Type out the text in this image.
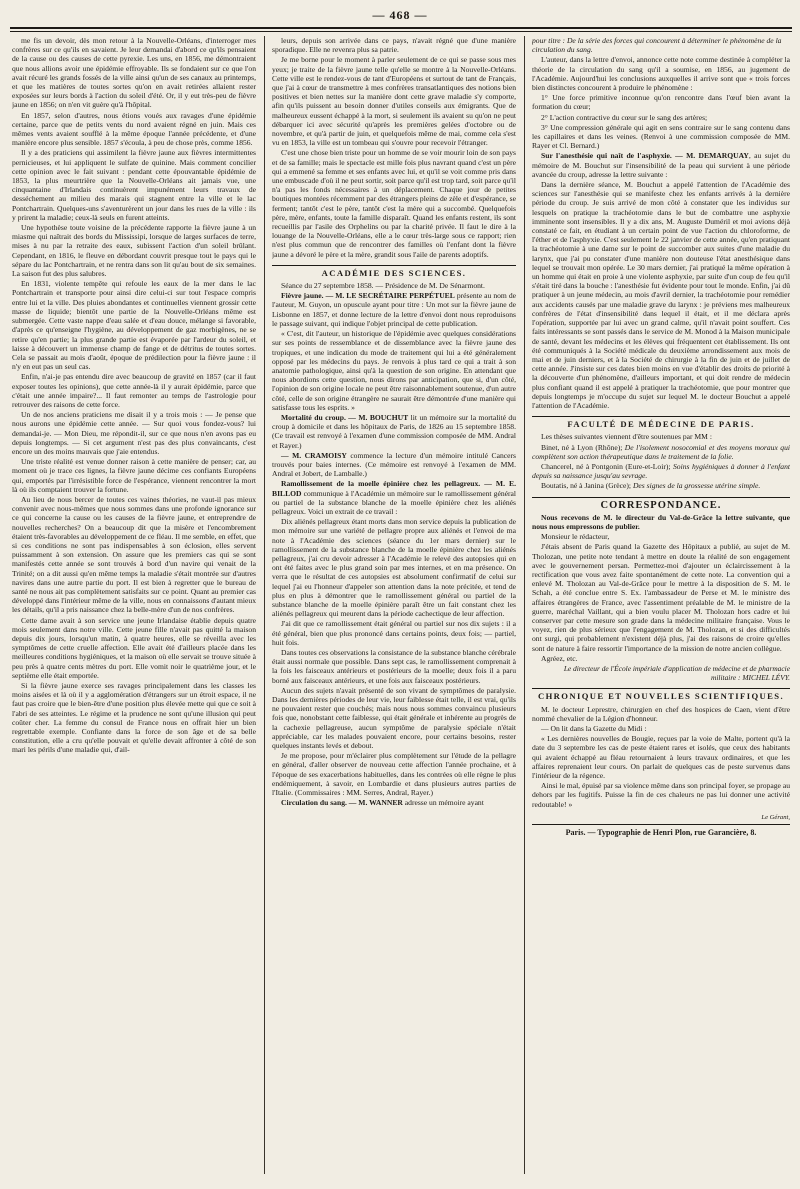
— 468 —

me fis un devoir, dès mon retour à la Nouvelle-Orléans, d'interroger mes confrères sur ce qu'ils en savaient. Je leur demandai d'abord ce qu'ils pensaient de la cause ou des causes de cette pyrexie. Les uns, en 1856, me démontraient que nous allions avoir une épidémie effroyable. Ils se fondaient sur ce que l'on avait récuré les grands fossés de la ville ainsi qu'un de ses canaux au printemps, et que les matières de toutes sortes qu'on en avait retirées allaient rester exposées sur leurs bords à l'action du soleil d'été. Or, il y eut très-peu de fièvre jaune en 1856; on n'en vit guère qu'à l'hôpital.

En 1857, selon d'autres, nous étions voués aux ravages d'une épidémie certaine, parce que de petits vents du nord avaient régné en juin. Mais ces mêmes vents avaient soufflé à la même époque l'année précédente, et d'une manière encore plus sensible. 1857 s'écoula, à peu de chose près, comme 1856.

Il y a des praticiens qui assimilent la fièvre jaune aux fièvres intermittentes pernicieuses, et lui appliquent le sulfate de quinine. Mais comment concilier cette opinion avec le fait suivant : pendant cette épouvantable épidémie de 1853, la plus meurtrière que la Nouvelle-Orléans ait jamais vue, une cinquantaine d'Irlandais continuèrent impunément leurs travaux de desséchement au milieu des marais qui stagnent entre la ville et le lac Pontchartrain. Quelques-uns s'aventurèrent un jour dans les rues de la ville : ils y prirent la maladie; ceux-là seuls en furent atteints.

Une hypothèse toute voisine de la précédente rapporte la fièvre jaune à un miasme qui naîtrait des bords du Mississipi, lorsque de larges surfaces de terre, mises à nu par la retraite des eaux, subissent l'action d'un soleil brûlant. Cependant, en 1816, le fleuve en débordant couvrit presque tout le pays qui le sépare du lac Pontchartrain, et ne rentra dans son lit qu'au bout de six semaines. La saison fut des plus salubres.

En 1831, violente tempête qui refoule les eaux de la mer dans le lac Pontchartrain et transporte pour ainsi dire celui-ci sur tout l'espace compris entre lui et la ville. Des pluies abondantes et continuelles viennent grossir cette masse de liquide; bientôt une partie de la Nouvelle-Orléans même est submergée. Cette vaste nappe d'eau salée et d'eau douce, mélange si favorable, d'après ce qu'enseigne l'hygiène, au développement de gaz morbigènes, ne se retire qu'en partie; la plus grande partie est évaporée par l'ardeur du soleil, et laisse à découvert un immense champ de fange et de détritus de toutes sortes. Cela se passait au mois d'août, époque de prédilection pour la fièvre jaune : il n'y en eut pas un seul cas.

Enfin, n'ai-je pas entendu dire avec beaucoup de gravité en 1857 (car il faut exposer toutes les opinions), que cette année-là il y aurait épidémie, parce que c'était une année impaire?... Il faut remonter au temps de l'astrologie pour retrouver des raisons de cette force.

Un de nos anciens praticiens me disait il y a trois mois : — Je pense que nous aurons une épidémie cette année. — Sur quoi vous fondez-vous? lui demandai-je. — Mon Dieu, me répondit-il, sur ce que nous n'en avons pas eu depuis longtemps. — Si cet argument n'est pas des plus convaincants, c'est encore un des moins mauvais que j'aie entendus.

Une triste réalité est venue donner raison à cette manière de penser; car, au moment où je trace ces lignes, la fièvre jaune décime ces confiants Européens qui, emportés par l'irrésistible force de l'espérance, viennent rencontrer la mort là où ils comptaient trouver la fortune.

Au lieu de nous bercer de toutes ces vaines théories, ne vaut-il pas mieux convenir avec nous-mêmes que nous sommes dans une profonde ignorance sur ce qui concerne la cause ou les causes de la fièvre jaune, et entreprendre de nouvelles recherches? On a beaucoup dit que la misère et l'encombrement étaient très-favorables au développement de ce fléau. Il me semble, en effet, que si ces conditions ne sont pas indispensables à son éclosion, elles servent puissamment à son extension. On assure que les premiers cas qui se sont manifestés cette année se sont trouvés à bord d'un navire qui venait de la Trinité; on a dit aussi qu'en même temps la maladie s'était montrée sur d'autres navires dans une autre partie du port. Il est bien à regretter que le bureau de santé ne nous ait pas complètement satisfaits sur ce point. Quant au premier cas développé dans l'intérieur même de la ville, nous en connaissons d'autant mieux les détails, qu'il a pris naissance chez la belle-mère d'un de nos confrères.

Cette dame avait à son service une jeune Irlandaise établie depuis quatre mois seulement dans notre ville. Cette jeune fille n'avait pas quitté la maison depuis dix jours, lorsqu'un matin, à quatre heures, elle se réveilla avec les symptômes de cette cruelle affection. Elle avait été d'ailleurs placée dans les meilleures conditions hygiéniques, et la maison où elle servait se trouve située à peu près à quatre cents mètres du port. Elle vomit noir le quatrième jour, et le septième elle était emportée.

Si la fièvre jaune exerce ses ravages principalement dans les classes les moins aisées et là où il y a agglomération d'étrangers sur un étroit espace, il ne faut pas croire que le bien-être d'une position plus élevée mette qui que ce soit à l'abri de ses atteintes. Le régime et la prudence ne sont qu'une illusion qui peut coûter cher. La femme du consul de France nous en offrait hier un bien regrettable exemple. Confiante dans la force de son âge et de sa belle constitution, elle a cru qu'elle pouvait et qu'elle devait affronter à côté de son mari les périls d'une maladie qui, d'ail-

leurs, depuis son arrivée dans ce pays, n'avait régné que d'une manière sporadique. Elle ne revenra plus sa patrie.

Je me borne pour le moment à parler seulement de ce qui se passe sous mes yeux; je traite de la fièvre jaune telle qu'elle se montre à la Nouvelle-Orléans. Cette ville est le rendez-vous de tant d'Européens et surtout de tant de Français, que j'ai à cœur de transmettre à mes confrères transatlantiques des notions bien positives et bien nettes sur la manière dont cette grave maladie s'y comporte, afin qu'ils puissent au besoin donner d'utiles conseils aux émigrants. Que de malheureux eussent échappé à la mort, si seulement ils avaient su qu'on ne peut débarquer ici avec sécurité qu'après les premières gelées d'octobre ou de novembre, et qu'à partir de juin, et quelquefois même de mai, comme cela s'est vu en 1853, la ville est un tombeau qui s'ouvre pour recevoir l'étranger.

C'est une chose bien triste pour un homme de se voir mourir loin de son pays et de sa famille; mais le spectacle est mille fois plus navrant quand c'est un père qui a emmené sa femme et ses enfants avec lui, et qu'il se voit comme pris dans une embuscade d'où il ne peut sortir, soit parce qu'il est trop tard, soit parce qu'il n'a pas les fonds nécessaires à un déplacement. Chaque jour de petites boutiques montées récemment par des étrangers pleins de zèle et d'espérance, se ferment; tantôt c'est le père, tantôt c'est la mère qui a succombé. Quelquefois père, mère, enfants, toute la famille disparaît. Quand les enfants restent, ils sont recueillis par l'asile des Orphelins ou par la charité privée. Il faut le dire à la louange de la Nouvelle-Orléans, elle a le cœur très-large sous ce rapport; rien n'est plus commun que de rencontrer des familles où l'enfant dont la fièvre jaune a dévoré le père et la mère, grandit sous l'aile de parents adoptifs.

ACADÉMIE DES SCIENCES.

Séance du 27 septembre 1858. — Présidence de M. De Sénarmont.

Fièvre jaune. — M. LE SECRÉTAIRE PERPÉTUEL présente au nom de l'auteur, M. Guyon, un opuscule ayant pour titre : Un mot sur la fièvre jaune de Lisbonne en 1857, et donne lecture de la lettre d'envoi dont nous reproduisons le passage suivant, qui indique l'objet principal de cette publication.

« C'est, dit l'auteur, un historique de l'épidémie avec quelques considérations sur ses points de ressemblance et de dissemblance avec la fièvre jaune des tropiques, et une indication du mode de traitement qui lui a été généralement opposé par les médecins du pays. Je renvois à plus tard ce qui a trait à son anatomie pathologique, ainsi qu'à la question de son origine. En attendant que nous abordions cette question, nous dirons par anticipation, que si, d'un côté, l'opinion de son origine locale ne peut être raisonnablement soutenue, d'un autre côté, celle de son origine étrangère ne saurait être démontrée d'une manière qui satisfasse tous les esprits. »

Mortalité du croup. — M. BOUCHUT lit un mémoire sur la mortalité du croup à domicile et dans les hôpitaux de Paris, de 1826 au 15 septembre 1858. (Ce travail est renvoyé à l'examen d'une commission composée de MM. Andral et Rayer.)

— M. CRAMOISY commence la lecture d'un mémoire intitulé Cancers trouvés pour baies internes. (Ce mémoire est renvoyé à l'examen de MM. Andral et Jobert, de Lamballe.)

Ramollissement de la moelle épinière chez les pellagreux. — M. E. BILLOD communique à l'Académie un mémoire sur le ramollissement général ou partiel de la substance blanche de la moelle épinière chez les aliénés pellagreux. Voici un extrait de ce travail :

Dix aliénés pellagreux étant morts dans mon service depuis la publication de mon mémoire sur une variété de pellagre propre aux aliénés et l'envoi de ma note à l'Académie des sciences (séance du 1er mars dernier) sur le ramollissement de la substance blanche de la moelle épinière chez les aliénés pellagreux, j'ai cru devoir adresser à l'Académie le relevé des autopsies qui en ont été faites avec le plus grand soin par mes internes, et en ma présence. On verra que le résultat de ces autopsies est absolument confirmatif de celui sur lequel j'ai eu l'honneur d'appeler son attention dans la note précitée, et tend de plus en plus à démontrer que le ramollissement général ou partiel de la substance blanche de la moelle épinière paraît être un fait constant chez les aliénés pellagreux qui meurent dans la période cachectique de leur affection.

J'ai dit que ce ramollissement était général ou partiel sur nos dix sujets : il a été général, bien que plus prononcé dans certains points, deux fois; — partiel, huit fois.

Dans toutes ces observations la consistance de la substance blanche cérébrale était aussi normale que possible. Dans sept cas, le ramollissement comprenait à la fois les faisceaux antérieurs et postérieurs de la moelle; deux fois il a paru borné aux faisceaux antérieurs, et une fois aux faisceaux postérieurs.

Aucun des sujets n'avait présenté de son vivant de symptômes de paralysie. Dans les dernières périodes de leur vie, leur faiblesse était telle, il est vrai, qu'ils ne pouvaient rester que couchés; mais nous nous sommes convaincu plusieurs fois que, nonobstant cette faiblesse, qui était générale et inhérente au progrès de la cachexie pellagreuse, aucun symptôme de paralysie spéciale n'était appréciable, car les malades pouvaient encore, pour certains besoins, rester quelques instants levés et debout.

Je me propose, pour m'éclairer plus complètement sur l'étude de la pellagre en général, d'aller observer de nouveau cette affection l'année prochaine, et à l'époque de ses exacerbations habituelles, dans les contrées où elle règne le plus endémiquement, à savoir, en Lombardie et dans plusieurs autres parties de l'Italie. (Commissaires : MM. Serres, Andral, Rayer.)

Circulation du sang. — M. WANNER adresse un mémoire ayant

pour titre : De la série des forces qui concourent à déterminer le phénomène de la circulation du sang.

L'auteur, dans la lettre d'envoi, annonce cette note comme destinée à compléter la théorie de la circulation du sang qu'il a soumise, en 1856, au jugement de l'Académie. Aujourd'hui les conclusions auxquelles il arrive sont que « trois forces bien distinctes concourent à produire le phénomène :

1° Une force primitive inconnue qu'on rencontre dans l'œuf bien avant la formation du cœur;

2° L'action contractive du cœur sur le sang des artères;

3° Une compression générale qui agit en sens contraire sur le sang contenu dans les capillaires et dans les veines. (Renvoi à une commission composée de MM. Rayer et Cl. Bernard.)

Sur l'anesthésie qui naît de l'asphyxie. — M. DEMARQUAY, au sujet du mémoire de M. Bouchut sur l'insensibilité de la peau qui survient à une période avancée du croup, adresse la lettre suivante :

Dans la dernière séance, M. Bouchut a appelé l'attention de l'Académie des sciences sur l'anesthésie qui se manifeste chez les enfants arrivés à la dernière période du croup. Je suis arrivé de mon côté à constater que les individus sur lesquels on pratique la trachéotomie dans le but de combattre une asphyxie imminente sont insensibles. Il y a dix ans, M. Auguste Duméril et moi avions déjà constaté ce fait, en étudiant à un certain point de vue l'action du chloroforme, de l'éther et de l'asphyxie. C'est seulement le 22 janvier de cette année, qu'en pratiquant la trachéotomie à une dame sur le point de succomber aux suites d'une maladie du larynx, que j'ai pu constater d'une manière non douteuse l'état anesthésique dans lequel se trouvait mon opérée. Le 30 mars dernier, j'ai pratiqué la même opération à un homme qui était en proie à une violente asphyxie, par suite d'un coup de feu qu'il s'était tiré dans la bouche : l'anesthésie fut évidente pour tout le monde. Enfin, j'ai dû pratiquer à un jeune médecin, au mois d'avril dernier, la trachéotomie pour remédier aux accidents causés par une maladie grave du larynx : je préviens mes malheureux confrères de l'état d'insensibilité dans lequel il était, et il me déclara après l'opération, supportée par lui avec un grand calme, qu'il n'avait point souffert. Ces faits intéressants se sont passés dans le service de M. Monod à la Maison municipale de santé, devant les médecins et les élèves qui fréquentent cet établissement. Ils ont été communiqués à la Société médicale du deuxième arrondissement aux mois de mai et de juin derniers, et à la Société de chirurgie à la fin de juin et de juillet de cette année. J'insiste sur ces dates bien moins en vue d'établir des droits de priorité à la découverte d'un phénomène, d'ailleurs important, et qui doit rendre de médecin plus confiant quand il est appelé à pratiquer la trachéotomie, que pour montrer que depuis longtemps je m'occupe du sujet sur lequel M. le docteur Bouchut a appelé l'attention de l'Académie.

FACULTÉ DE MÉDECINE DE PARIS.

Les thèses suivantes viennent d'être soutenues par MM :

Binet, né à Lyon (Rhône); De l'isolement nosocomial et des moyens moraux qui complètent son action thérapeutique dans le traitement de la folie.

Chancerel, né à Pontgonin (Eure-et-Loir); Soins hygiéniques à donner à l'enfant depuis sa naissance jusqu'au sevrage.

Boutatis, né à Janina (Grèce); Des signes de la grossesse utérine simple.

CORRESPONDANCE.

Nous recevons de M. le directeur du Val-de-Grâce la lettre suivante, que nous nous empressons de publier.

Monsieur le rédacteur,

J'étais absent de Paris quand la Gazette des Hôpitaux a publié, au sujet de M. Tholozan, une petite note tendant à mettre en doute la réalité de son engagement avec le gouvernement persan. Permettez-moi d'ajouter un éclaircissement à la rectification que vous avez faite spontanément de cette note. La convention qui a enlevé M. Tholozan au Val-de-Grâce pour le mettre à la disposition de S. M. le Schah, a été conclue entre S. Ex. l'ambassadeur de Perse et M. le ministre des affaires étrangères de France, avec l'assentiment préalable de M. le ministre de la guerre, maréchal Vaillant, qui a bien voulu placer M. Tholozan hors cadre et lui conserver par cette mesure son grade dans la médecine militaire française. Vous le voyez, rien de plus sérieux que l'engagement de M. Tholozan, et si des difficultés ont surgi, qui probablement n'existent déjà plus, j'ai des raisons de croire qu'elles sont de nature à faire ressortir l'importance de la mission de notre ancien collègue.

Agréez, etc.

Le directeur de l'École impériale d'application de médecine et de pharmacie militaire : MICHEL LÉVY.

CHRONIQUE ET NOUVELLES SCIENTIFIQUES.

M. le docteur Leprestre, chirurgien en chef des hospices de Caen, vient d'être nommé chevalier de la Légion d'honneur.

— On lit dans la Gazette du Midi :

« Les dernières nouvelles de Bougie, reçues par la voie de Malte, portent qu'à la date du 3 septembre les cas de peste étaient rares et isolés, que ceux des habitants qui avaient échappé au fléau retournaient à leurs travaux ordinaires, et que les affaires reprenaient leur cours. On parlait de quelques cas de peste survenus dans l'intérieur de la régence.

Ainsi le mal, épuisé par sa violence même dans son principal foyer, se propage au dehors par les fugitifs. Puisse la fin de ces chaleurs ne pas lui donner une activité redoutable! »

Le Gérant,
Paris. — Typographie de Henri Plon, rue Garancière, 8.
